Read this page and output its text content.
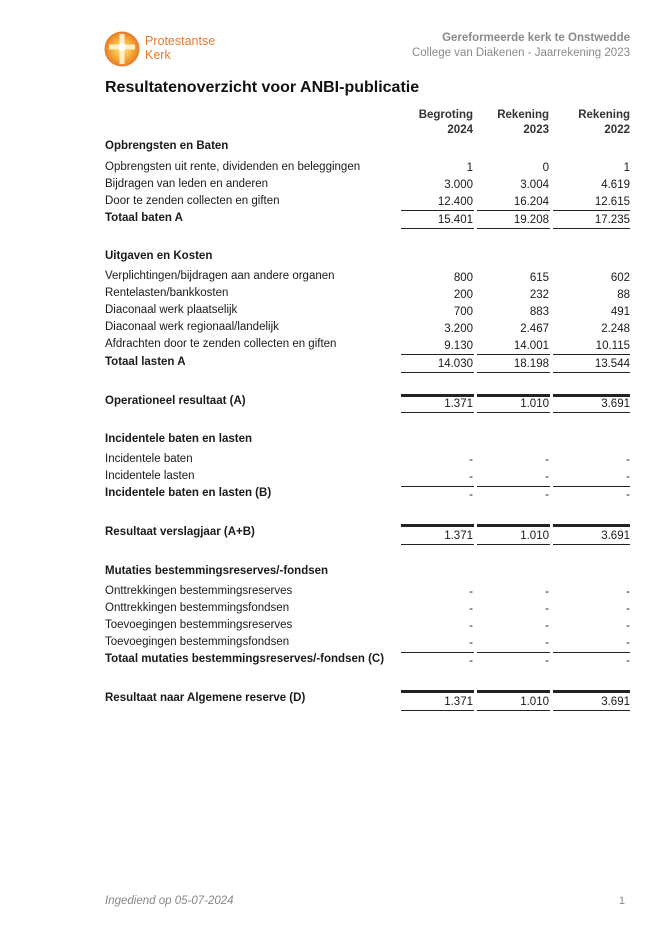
Protestantse
Kerk
Gereformeerde kerk te Onstwedde
College van Diakenen - Jaarrekening 2023
Resultatenoverzicht voor ANBI-publicatie
Begroting
2024
Rekening
2023
Rekening
2022
Opbrengsten en Baten
Opbrengsten uit rente, dividenden en beleggingen	1	0	1
Bijdragen van leden en anderen	3.000	3.004	4.619
Door te zenden collecten en giften	12.400	16.204	12.615
Totaal baten A	15.401	19.208	17.235
Uitgaven en Kosten
Verplichtingen/bijdragen aan andere organen	800	615	602
Rentelasten/bankkosten	200	232	88
Diaconaal werk plaatselijk	700	883	491
Diaconaal werk regionaal/landelijk	3.200	2.467	2.248
Afdrachten door te zenden collecten en giften	9.130	14.001	10.115
Totaal lasten A	14.030	18.198	13.544
Operationeel resultaat (A)	1.371	1.010	3.691
Incidentele baten en lasten
Incidentele baten	-	-	-
Incidentele lasten	-	-	-
Incidentele baten en lasten (B)	-	-	-
Resultaat verslagjaar (A+B)	1.371	1.010	3.691
Mutaties bestemmingsreserves/-fondsen
Onttrekkingen bestemmingsreserves	-	-	-
Onttrekkingen bestemmingsfondsen	-	-	-
Toevoegingen bestemmingsreserves	-	-	-
Toevoegingen bestemmingsfondsen	-	-	-
Totaal mutaties bestemmingsreserves/-fondsen (C)	-	-	-
Resultaat naar Algemene reserve (D)	1.371	1.010	3.691
Ingediend op 05-07-2024	1
